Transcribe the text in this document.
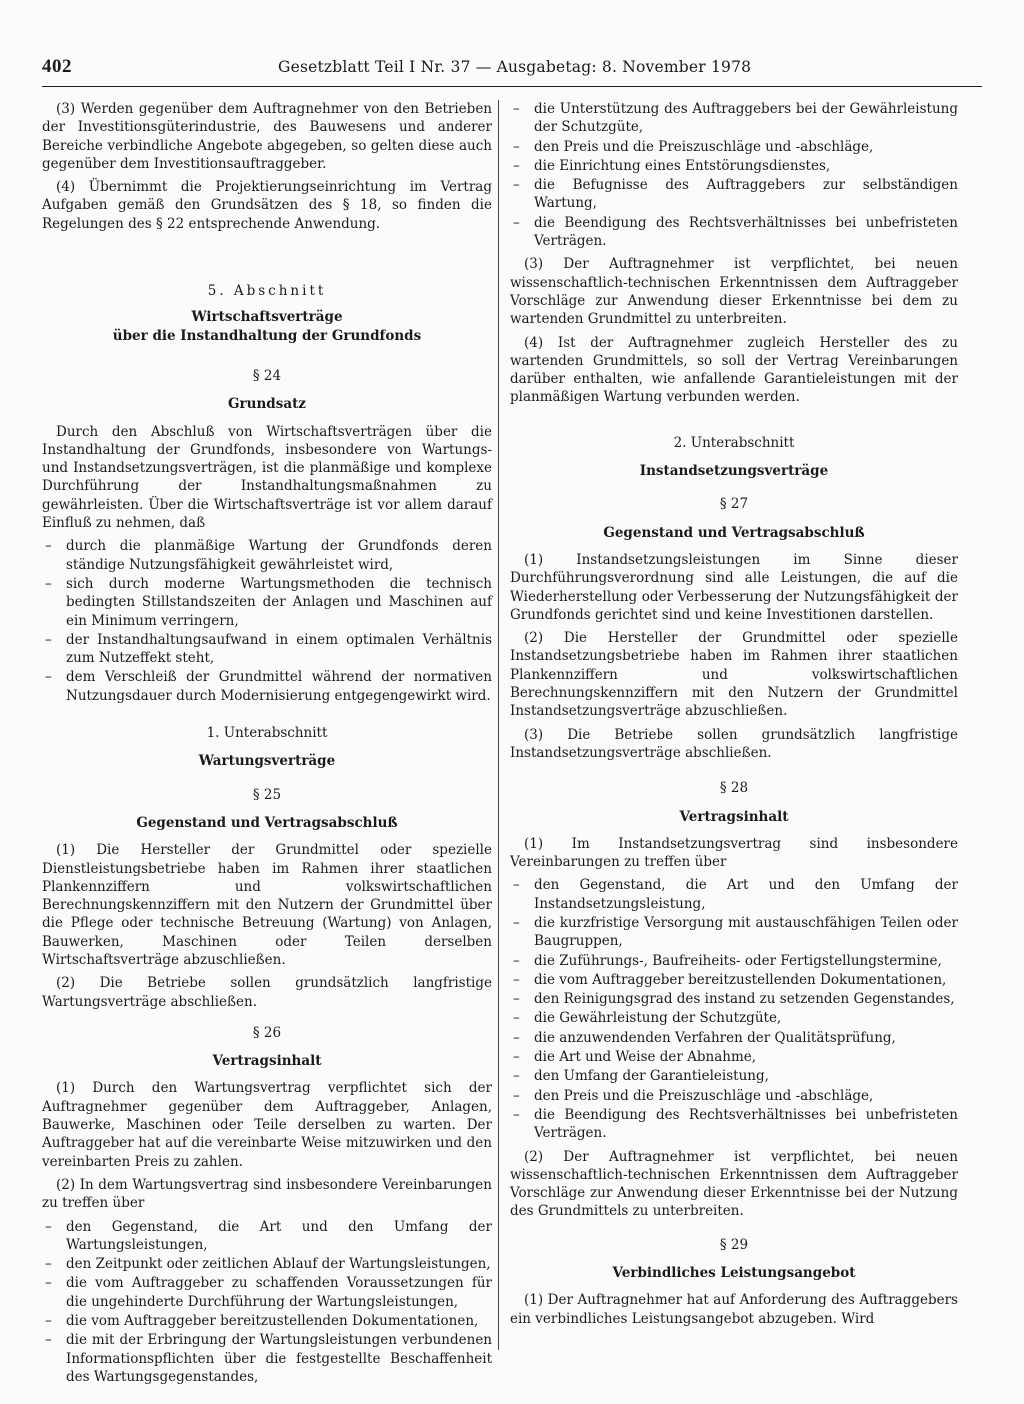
402	Gesetzblatt Teil I Nr. 37 — Ausgabetag: 8. November 1978

(3) Werden gegenüber dem Auftragnehmer von den Betrieben der Investitionsgüterindustrie, des Bauwesens und anderer Bereiche verbindliche Angebote abgegeben, so gelten diese auch gegenüber dem Investitionsauftraggeber.

(4) Übernimmt die Projektierungseinrichtung im Vertrag Aufgaben gemäß den Grundsätzen des § 18, so finden die Regelungen des § 22 entsprechende Anwendung.

5. Abschnitt

Wirtschaftsverträge

über die Instandhaltung der Grundfonds

§ 24

Grundsatz

Durch den Abschluß von Wirtschaftsverträgen über die Instandhaltung der Grundfonds, insbesondere von Wartungs- und Instandsetzungsverträgen, ist die planmäßige und komplexe Durchführung der Instandhaltungsmaßnahmen zu gewährleisten. Über die Wirtschaftsverträge ist vor allem darauf Einfluß zu nehmen, daß

– durch die planmäßige Wartung der Grundfonds deren ständige Nutzungsfähigkeit gewährleistet wird,
– sich durch moderne Wartungsmethoden die technisch bedingten Stillstandszeiten der Anlagen und Maschinen auf ein Minimum verringern,
– der Instandhaltungsaufwand in einem optimalen Verhältnis zum Nutzeffekt steht,
– dem Verschleiß der Grundmittel während der normativen Nutzungsdauer durch Modernisierung entgegengewirkt wird.

1. Unterabschnitt

Wartungsverträge

§ 25

Gegenstand und Vertragsabschluß

(1) Die Hersteller der Grundmittel oder spezielle Dienstleistungsbetriebe haben im Rahmen ihrer staatlichen Plankennziffern und volkswirtschaftlichen Berechnungskennziffern mit den Nutzern der Grundmittel über die Pflege oder technische Betreuung (Wartung) von Anlagen, Bauwerken, Maschinen oder Teilen derselben Wirtschaftsverträge abzuschließen.

(2) Die Betriebe sollen grundsätzlich langfristige Wartungsverträge abschließen.

§ 26

Vertragsinhalt

(1) Durch den Wartungsvertrag verpflichtet sich der Auftragnehmer gegenüber dem Auftraggeber, Anlagen, Bauwerke, Maschinen oder Teile derselben zu warten. Der Auftraggeber hat auf die vereinbarte Weise mitzuwirken und den vereinbarten Preis zu zahlen.

(2) In dem Wartungsvertrag sind insbesondere Vereinbarungen zu treffen über

– den Gegenstand, die Art und den Umfang der Wartungsleistungen,
– den Zeitpunkt oder zeitlichen Ablauf der Wartungsleistungen,
– die vom Auftraggeber zu schaffenden Voraussetzungen für die ungehinderte Durchführung der Wartungsleistungen,
– die vom Auftraggeber bereitzustellenden Dokumentationen,
– die mit der Erbringung der Wartungsleistungen verbundenen Informationspflichten über die festgestellte Beschaffenheit des Wartungsgegenstandes,
– die Unterstützung des Auftraggebers bei der Gewährleistung der Schutzgüte,
– den Preis und die Preiszuschläge und -abschläge,
– die Einrichtung eines Entstörungsdienstes,
– die Befugnisse des Auftraggebers zur selbständigen Wartung,
– die Beendigung des Rechtsverhältnisses bei unbefristeten Verträgen.

(3) Der Auftragnehmer ist verpflichtet, bei neuen wissenschaftlich-technischen Erkenntnissen dem Auftraggeber Vorschläge zur Anwendung dieser Erkenntnisse bei dem zu wartenden Grundmittel zu unterbreiten.

(4) Ist der Auftragnehmer zugleich Hersteller des zu wartenden Grundmittels, so soll der Vertrag Vereinbarungen darüber enthalten, wie anfallende Garantieleistungen mit der planmäßigen Wartung verbunden werden.

2. Unterabschnitt

Instandsetzungsverträge

§ 27

Gegenstand und Vertragsabschluß

(1) Instandsetzungsleistungen im Sinne dieser Durchführungsverordnung sind alle Leistungen, die auf die Wiederherstellung oder Verbesserung der Nutzungsfähigkeit der Grundfonds gerichtet sind und keine Investitionen darstellen.

(2) Die Hersteller der Grundmittel oder spezielle Instandsetzungsbetriebe haben im Rahmen ihrer staatlichen Plankennziffern und volkswirtschaftlichen Berechnungskennziffern mit den Nutzern der Grundmittel Instandsetzungsverträge abzuschließen.

(3) Die Betriebe sollen grundsätzlich langfristige Instandsetzungsverträge abschließen.

§ 28

Vertragsinhalt

(1) Im Instandsetzungsvertrag sind insbesondere Vereinbarungen zu treffen über

– den Gegenstand, die Art und den Umfang der Instandsetzungsleistung,
– die kurzfristige Versorgung mit austauschfähigen Teilen oder Baugruppen,
– die Zuführungs-, Baufreiheits- oder Fertigstellungstermine,
– die vom Auftraggeber bereitzustellenden Dokumentationen,
– den Reinigungsgrad des instand zu setzenden Gegenstandes,
– die Gewährleistung der Schutzgüte,
– die anzuwendenden Verfahren der Qualitätsprüfung,
– die Art und Weise der Abnahme,
– den Umfang der Garantieleistung,
– den Preis und die Preiszuschläge und -abschläge,
– die Beendigung des Rechtsverhältnisses bei unbefristeten Verträgen.

(2) Der Auftragnehmer ist verpflichtet, bei neuen wissenschaftlich-technischen Erkenntnissen dem Auftraggeber Vorschläge zur Anwendung dieser Erkenntnisse bei der Nutzung des Grundmittels zu unterbreiten.

§ 29

Verbindliches Leistungsangebot

(1) Der Auftragnehmer hat auf Anforderung des Auftraggebers ein verbindliches Leistungsangebot abzugeben. Wird
